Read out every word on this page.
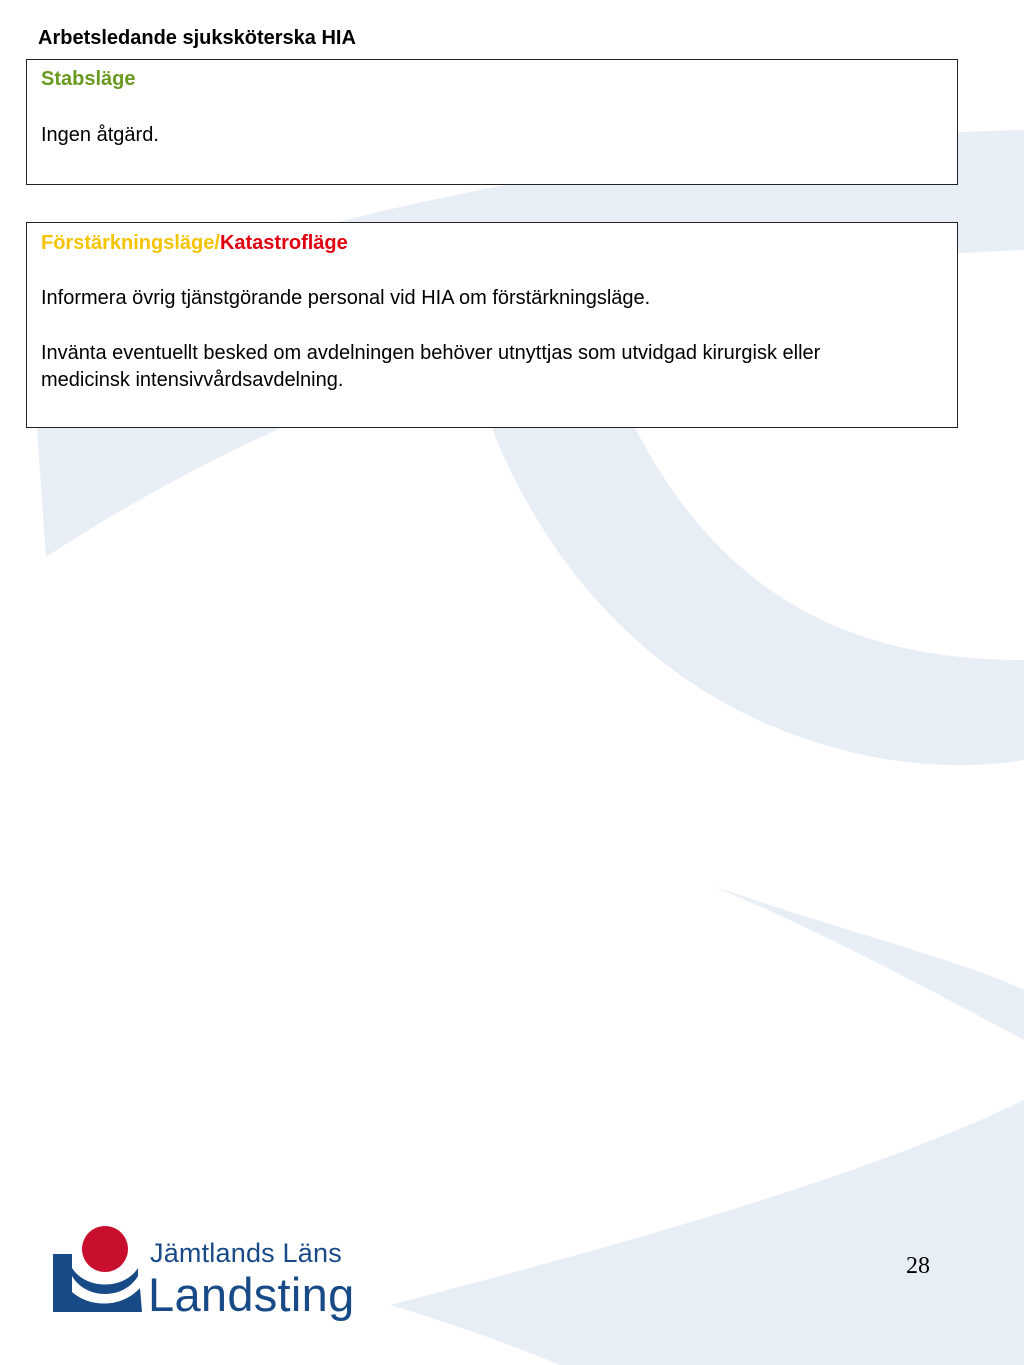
Arbetsledande sjuksköterska HIA
Stabsläge
Ingen åtgärd.
Förstärkningsläge/Katastrofläge
Informera övrig tjänstgörande personal vid HIA om förstärkningsläge.
Invänta eventuellt besked om avdelningen behöver utnyttjas som utvidgad kirurgisk eller
medicinsk intensivvårdsavdelning.
Jämtlands Läns
Landsting
28
